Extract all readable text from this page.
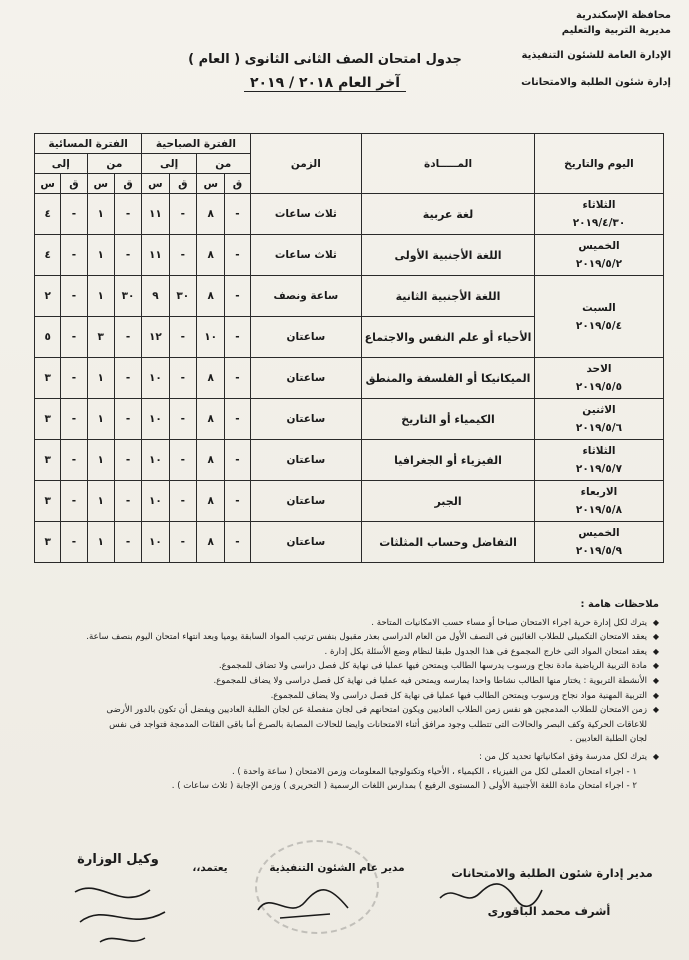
محافظة الإسكندرية
مديرية التربية والتعليم
الإدارة العامة للشئون التنفيذية
إدارة شئون الطلبة والامتحانات
جدول امتحان الصف الثانى الثانوى ( العام )
آخر العام ٢٠١٨ / ٢٠١٩
اليوم والتاريخ	المـــــادة	الزمن	الفترة الصباحية				الفترة المسائية			
			من		إلى		من		إلى	
			ق	س	ق	س	ق	س	ق	س

الثلاثاء
٢٠١٩/٤/٣٠	لغة عربية	ثلاث ساعات	-	٨	-	١١	-	١	-	٤

الخميس
٢٠١٩/٥/٢	اللغة الأجنبية الأولى	ثلاث ساعات	-	٨	-	١١	-	١	-	٤

السبت
٢٠١٩/٥/٤	اللغة الأجنبية الثانية	ساعة ونصف	-	٨	٣٠	٩	٣٠	١	-	٢
	الأحياء أو علم النفس والاجتماع	ساعتان	-	١٠	-	١٢	-	٣	-	٥

الاحد
٢٠١٩/٥/٥	الميكانيكا أو الفلسفة والمنطق	ساعتان	-	٨	-	١٠	-	١	-	٣

الاثنين
٢٠١٩/٥/٦	الكيمياء أو التاريخ	ساعتان	-	٨	-	١٠	-	١	-	٣

الثلاثاء
٢٠١٩/٥/٧	الفيزياء أو الجغرافيا	ساعتان	-	٨	-	١٠	-	١	-	٣

الاربعاء
٢٠١٩/٥/٨	الجبر	ساعتان	-	٨	-	١٠	-	١	-	٣

الخميس
٢٠١٩/٥/٩	التفاضل وحساب المثلثات	ساعتان	-	٨	-	١٠	-	١	-	٣
ملاحظات هامة :
◆
يترك لكل إدارة حرية اجراء الامتحان صباحا أو مساء حسب الامكانيات المتاحة .
◆
يعقد الامتحان التكميلى للطلاب الغائبين فى النصف الأول من العام الدراسى بعذر مقبول بنفس ترتيب المواد السابقة يوميا وبعد انتهاء امتحان اليوم بنصف ساعة.
◆
يعقد امتحان المواد التى خارج المجموع فى هذا الجدول طبقا لنظام وضع الأسئلة بكل إدارة .
◆
مادة التربية الرياضية مادة نجاح ورسوب يدرسها الطالب ويمتحن فيها عمليا فى نهاية كل فصل دراسى ولا تضاف للمجموع.
◆
الأنشطة التربوية : يختار منها الطالب نشاطا واحدا يمارسه ويمتحن فيه عمليا فى نهاية كل فصل دراسى ولا يضاف للمجموع.
◆
التربية المهنية مواد نجاح ورسوب ويمتحن الطالب فيها عمليا فى نهاية كل فصل دراسى ولا يضاف للمجموع.
◆
زمن الامتحان للطلاب المدمجين هو نفس زمن الطلاب العاديين ويكون امتحانهم فى لجان منفصلة عن لجان الطلبة العاديين ويفضل أن تكون بالدور الأرضى
للاعاقات الحركية وكف البصر والحالات التى تتطلب وجود مرافق أثناء الامتحانات وايضا للحالات المصابة بالصرع أما باقى الفئات المدمجة فتواجد فى نفس
لجان الطلبة العاديين .
◆
يترك لكل مدرسة وفق امكانياتها تحديد كل من :
١ - اجراء امتحان العملى لكل من الفيزياء ، الكيمياء ، الأحياء وتكنولوجيا المعلومات وزمن الامتحان ( ساعة واحدة ) .
٢ - اجراء امتحان مادة اللغة الأجنبية الأولى ( المستوى الرفيع ) بمدارس اللغات الرسمية ( التحريرى ) وزمن الإجابة ( ثلاث ساعات ) .
مدير إدارة شئون الطلبة والامتحانات
أشرف محمد الباقورى
مدير عام الشئون التنفيذية
يعتمد،،
وكيل الوزارة
